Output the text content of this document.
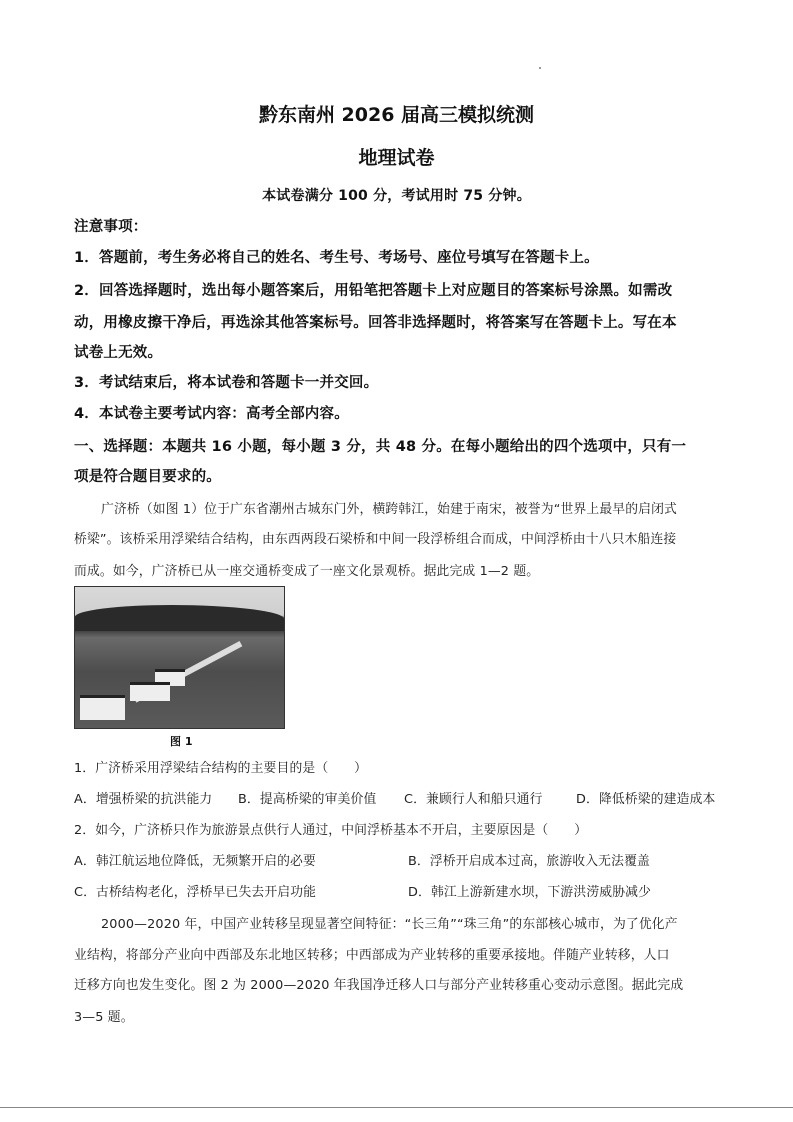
黔东南州 2026 届高三模拟统测
地理试卷
本试卷满分 100 分，考试用时 75 分钟。
注意事项：
1．答题前，考生务必将自己的姓名、考生号、考场号、座位号填写在答题卡上。
2．回答选择题时，选出每小题答案后，用铅笔把答题卡上对应题目的答案标号涂黑。如需改
动，用橡皮擦干净后，再选涂其他答案标号。回答非选择题时，将答案写在答题卡上。写在本
试卷上无效。
3．考试结束后，将本试卷和答题卡一并交回。
4．本试卷主要考试内容：高考全部内容。
一、选择题：本题共 16 小题，每小题 3 分，共 48 分。在每小题给出的四个选项中，只有一
项是符合题目要求的。
广济桥（如图 1）位于广东省潮州古城东门外，横跨韩江，始建于南宋，被誉为“世界上最早的启闭式
桥梁”。该桥采用浮梁结合结构，由东西两段石梁桥和中间一段浮桥组合而成，中间浮桥由十八只木船连接
而成。如今，广济桥已从一座交通桥变成了一座文化景观桥。据此完成 1—2 题。
图 1
1．广济桥采用浮梁结合结构的主要目的是（　　）
A．增强桥梁的抗洪能力 B．提高桥梁的审美价值 C．兼顾行人和船只通行	D．降低桥梁的建造成本
2．如今，广济桥只作为旅游景点供行人通过，中间浮桥基本不开启，主要原因是（　　）
A．韩江航运地位降低，无频繁开启的必要	B．浮桥开启成本过高，旅游收入无法覆盖
C．古桥结构老化，浮桥早已失去开启功能	D．韩江上游新建水坝，下游洪涝威胁减少
2000—2020 年，中国产业转移呈现显著空间特征：“长三角”“珠三角”的东部核心城市，为了优化产
业结构，将部分产业向中西部及东北地区转移；中西部成为产业转移的重要承接地。伴随产业转移，人口
迁移方向也发生变化。图 2 为 2000—2020 年我国净迁移人口与部分产业转移重心变动示意图。据此完成
3—5 题。
